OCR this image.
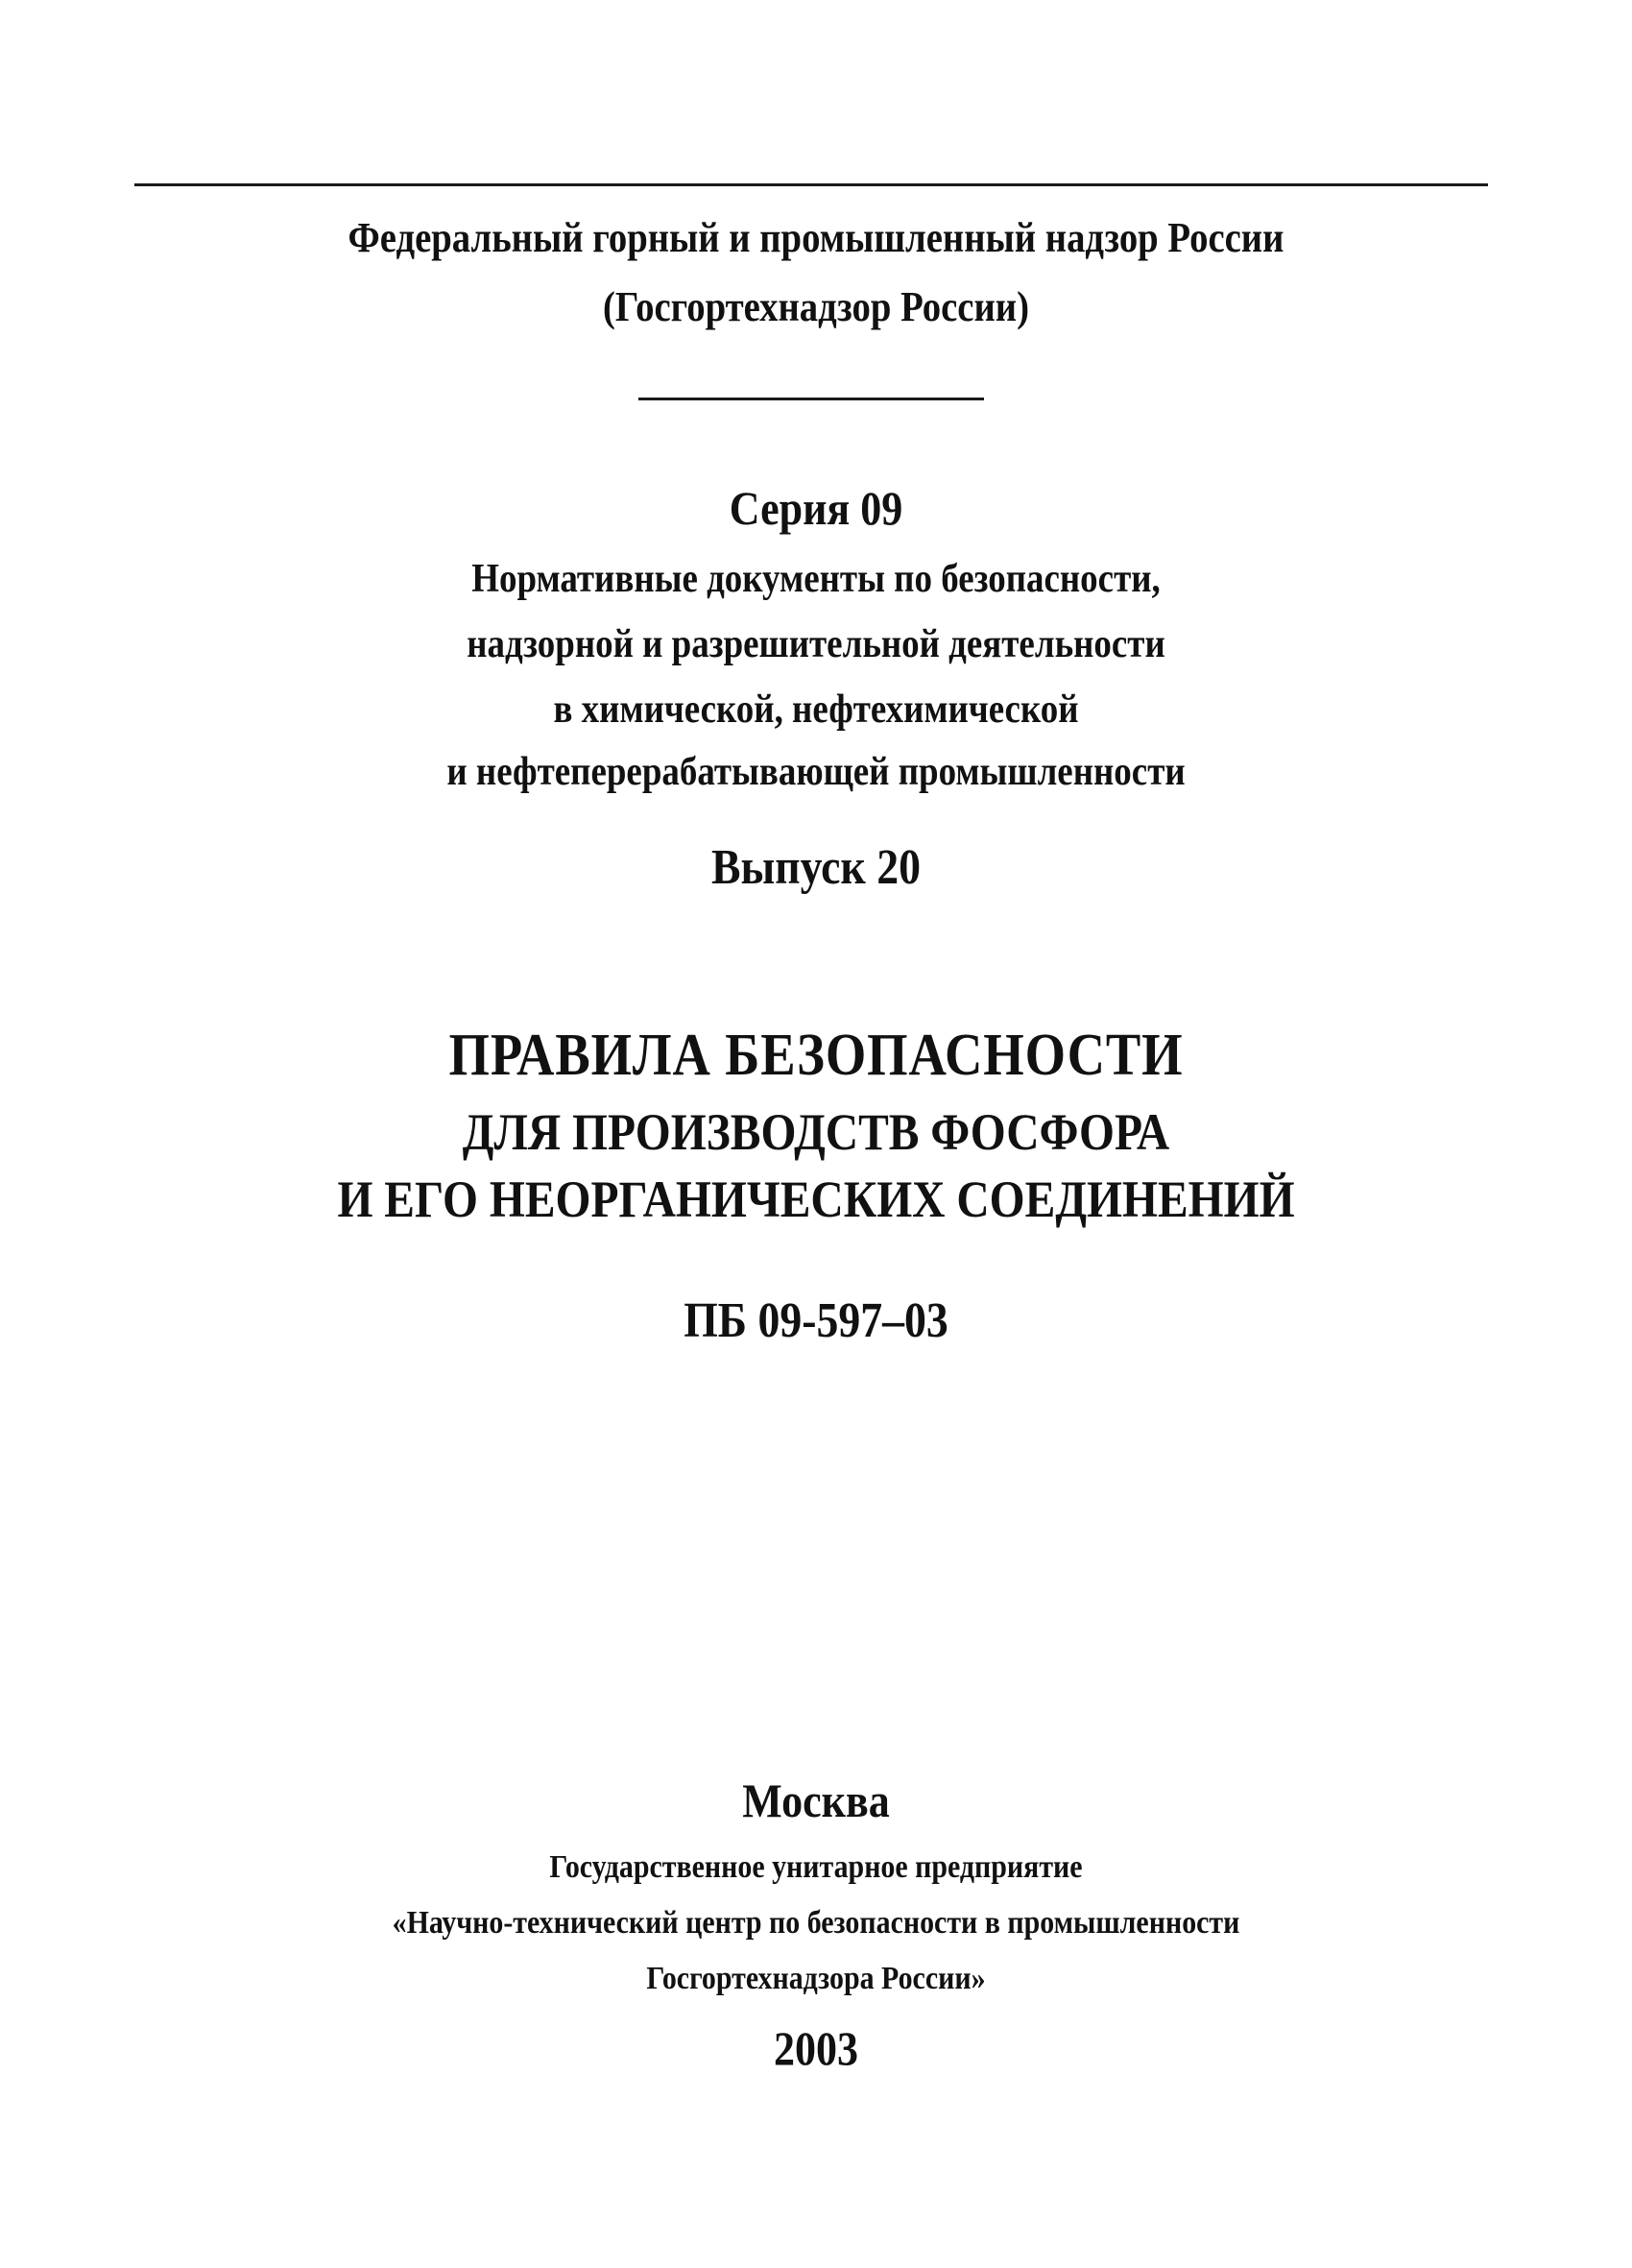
Федеральный горный и промышленный надзор России
(Госгортехнадзор России)
Серия 09
Нормативные документы по безопасности,
надзорной и разрешительной деятельности
в химической, нефтехимической
и нефтеперерабатывающей промышленности
Выпуск 20
ПРАВИЛА БЕЗОПАСНОСТИ
ДЛЯ ПРОИЗВОДСТВ ФОСФОРА
И ЕГО НЕОРГАНИЧЕСКИХ СОЕДИНЕНИЙ
ПБ 09-597–03
Москва
Государственное унитарное предприятие
«Научно-технический центр по безопасности в промышленности
Госгортехнадзора России»
2003
